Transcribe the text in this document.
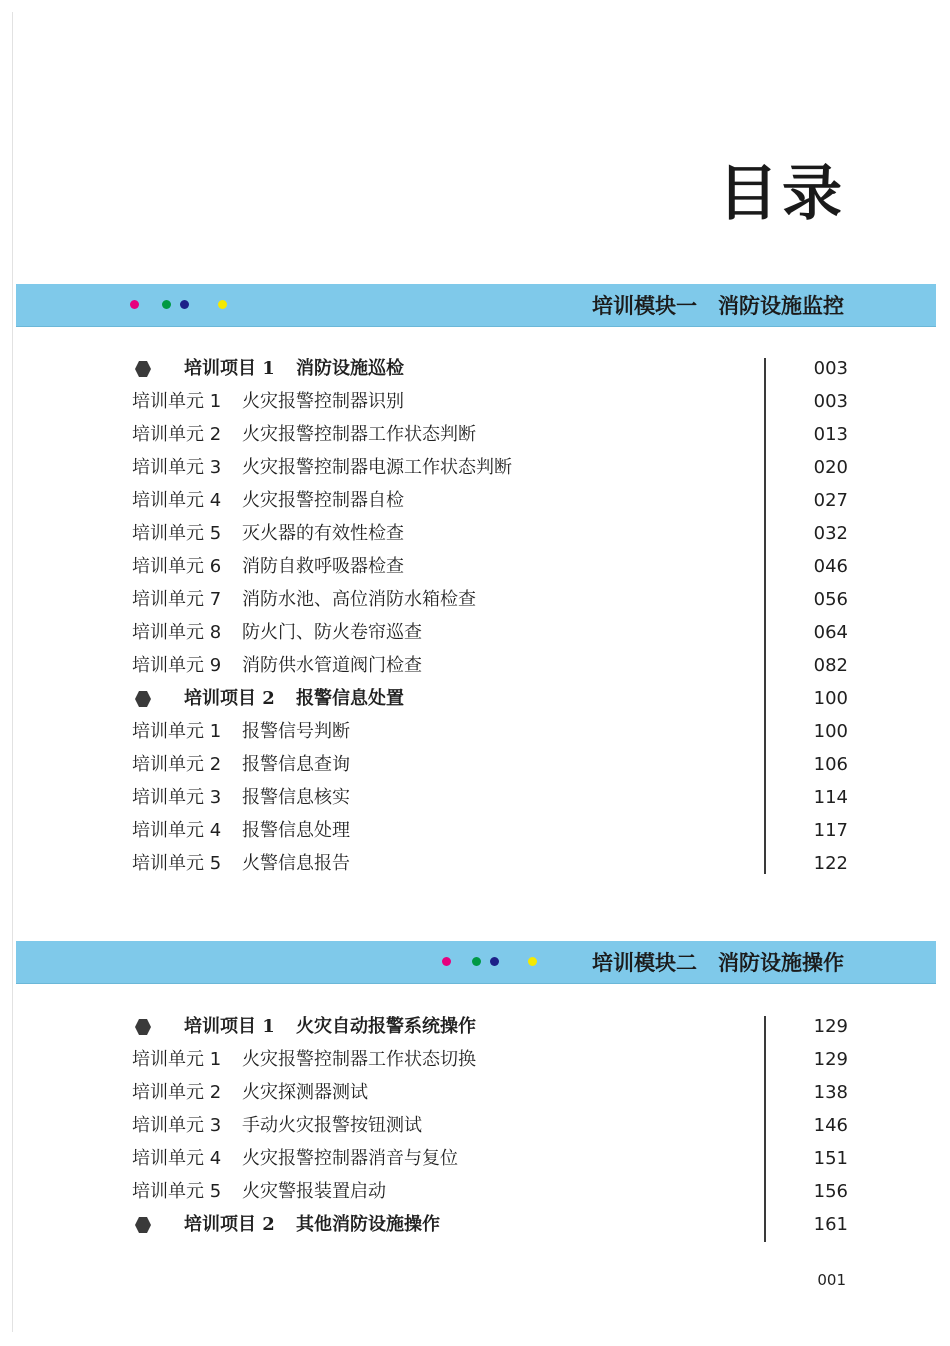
目录
培训模块一　消防设施监控
培训项目 1 消防设施巡检	003
培训单元 1 火灾报警控制器识别	003
培训单元 2 火灾报警控制器工作状态判断	013
培训单元 3 火灾报警控制器电源工作状态判断	020
培训单元 4 火灾报警控制器自检	027
培训单元 5 灭火器的有效性检查	032
培训单元 6 消防自救呼吸器检查	046
培训单元 7 消防水池、高位消防水箱检查	056
培训单元 8 防火门、防火卷帘巡查	064
培训单元 9 消防供水管道阀门检查	082
培训项目 2 报警信息处置	100
培训单元 1 报警信号判断	100
培训单元 2 报警信息查询	106
培训单元 3 报警信息核实	114
培训单元 4 报警信息处理	117
培训单元 5 火警信息报告	122
培训模块二　消防设施操作
培训项目 1 火灾自动报警系统操作	129
培训单元 1 火灾报警控制器工作状态切换	129
培训单元 2 火灾探测器测试	138
培训单元 3 手动火灾报警按钮测试	146
培训单元 4 火灾报警控制器消音与复位	151
培训单元 5 火灾警报装置启动	156
培训项目 2 其他消防设施操作	161
001
